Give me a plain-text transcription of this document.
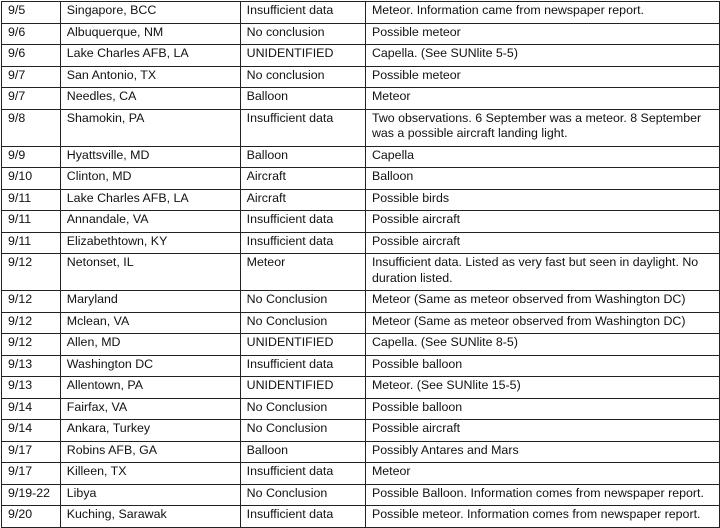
9/5	Singapore, BCC	Insufficient data	Meteor. Information came from newspaper report.
9/6	Albuquerque, NM	No conclusion	Possible meteor
9/6	Lake Charles AFB, LA	UNIDENTIFIED	Capella. (See SUNlite 5-5)
9/7	San Antonio, TX	No conclusion	Possible meteor
9/7	Needles, CA	Balloon	Meteor
9/8	Shamokin, PA	Insufficient data	Two observations. 6 September was a meteor. 8 September was a possible aircraft landing light.
9/9	Hyattsville, MD	Balloon	Capella
9/10	Clinton, MD	Aircraft	Balloon
9/11	Lake Charles AFB, LA	Aircraft	Possible birds
9/11	Annandale, VA	Insufficient data	Possible aircraft
9/11	Elizabethtown, KY	Insufficient data	Possible aircraft
9/12	Netonset, IL	Meteor	Insufficient data. Listed as very fast but seen in daylight. No duration listed.
9/12	Maryland	No Conclusion	Meteor (Same as meteor observed from Washington DC)
9/12	Mclean, VA	No Conclusion	Meteor (Same as meteor observed from Washington DC)
9/12	Allen, MD	UNIDENTIFIED	Capella. (See SUNlite 8-5)
9/13	Washington DC	Insufficient data	Possible balloon
9/13	Allentown, PA	UNIDENTIFIED	Meteor. (See SUNlite 15-5)
9/14	Fairfax, VA	No Conclusion	Possible balloon
9/14	Ankara, Turkey	No Conclusion	Possible aircraft
9/17	Robins AFB, GA	Balloon	Possibly Antares and Mars
9/17	Killeen, TX	Insufficient data	Meteor
9/19-22	Libya	No Conclusion	Possible Balloon. Information comes from newspaper report.
9/20	Kuching, Sarawak	Insufficient data	Possible meteor. Information comes from newspaper report.
